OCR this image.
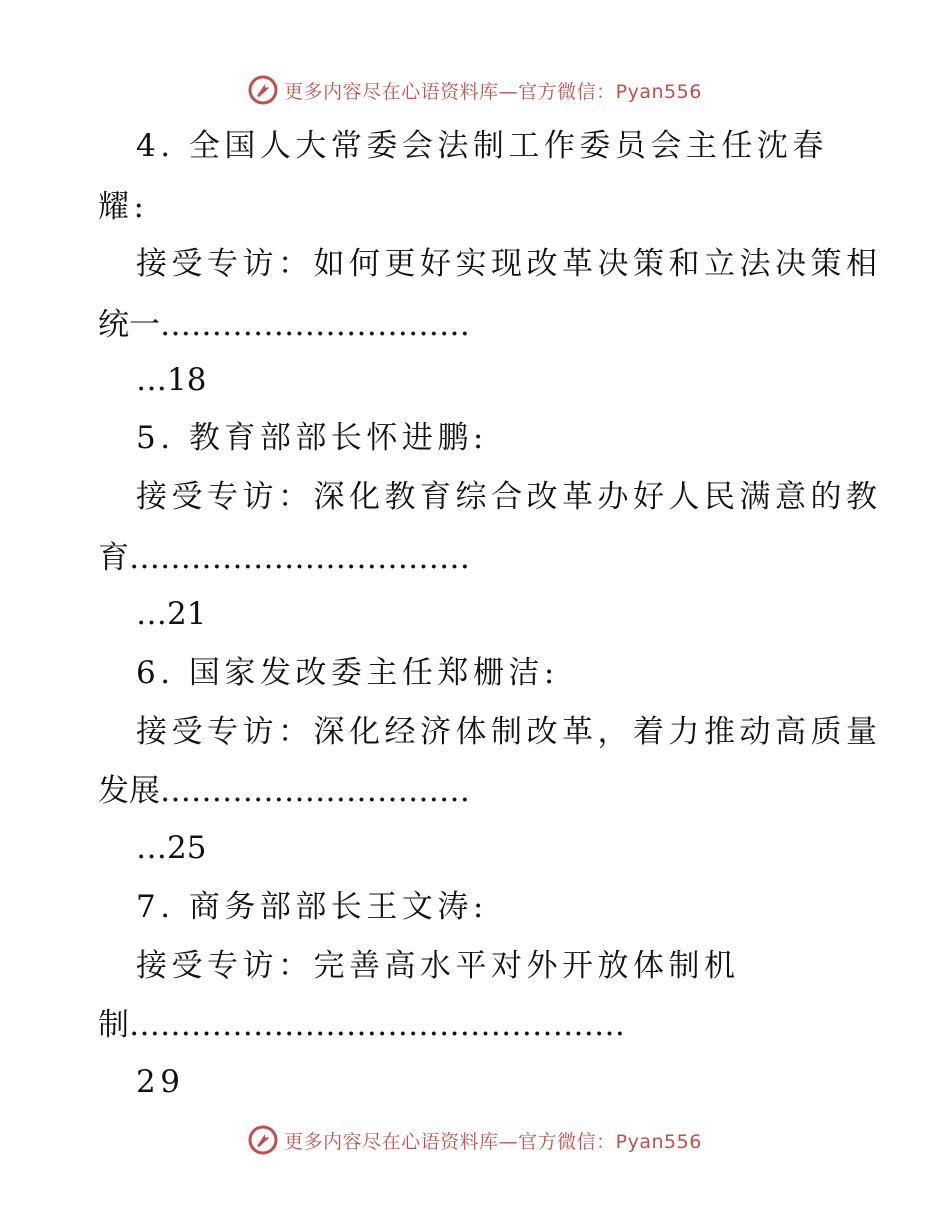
更多内容尽在心语资料库—官方微信：Pyan556
4. 全国人大常委会法制工作委员会主任沈春
耀:
接受专访：如何更好实现改革决策和立法决策相
统一…………………………
…18
5. 教育部部长怀进鹏:
接受专访：深化教育综合改革办好人民满意的教
育……………………………
…21
6. 国家发改委主任郑栅洁:
接受专访：深化经济体制改革，着力推动高质量
发展…………………………
…25
7. 商务部部长王文涛:
接受专访：完善高水平对外开放体制机
制…………………………………………
29
更多内容尽在心语资料库—官方微信：Pyan556
